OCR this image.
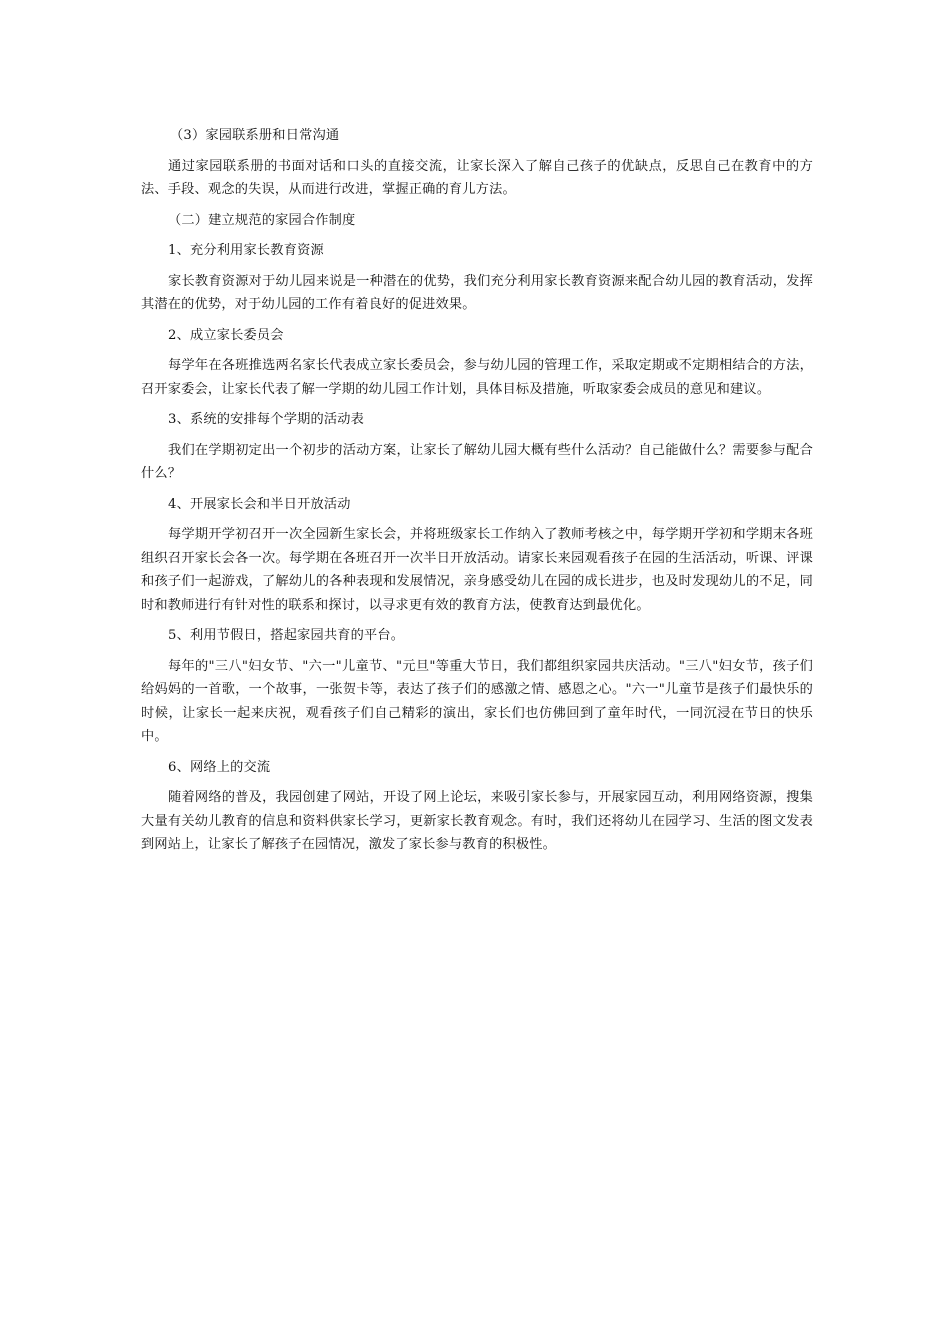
（3）家园联系册和日常沟通

通过家园联系册的书面对话和口头的直接交流，让家长深入了解自己孩子的优缺点，反思自己在教育中的方法、手段、观念的失误，从而进行改进，掌握正确的育儿方法。

（二）建立规范的家园合作制度

1、充分利用家长教育资源

家长教育资源对于幼儿园来说是一种潜在的优势，我们充分利用家长教育资源来配合幼儿园的教育活动，发挥其潜在的优势，对于幼儿园的工作有着良好的促进效果。

2、成立家长委员会

每学年在各班推选两名家长代表成立家长委员会，参与幼儿园的管理工作，采取定期或不定期相结合的方法，召开家委会，让家长代表了解一学期的幼儿园工作计划，具体目标及措施，听取家委会成员的意见和建议。

3、系统的安排每个学期的活动表

我们在学期初定出一个初步的活动方案，让家长了解幼儿园大概有些什么活动？自己能做什么？需要参与配合什么？

4、开展家长会和半日开放活动

每学期开学初召开一次全园新生家长会，并将班级家长工作纳入了教师考核之中，每学期开学初和学期末各班组织召开家长会各一次。每学期在各班召开一次半日开放活动。请家长来园观看孩子在园的生活活动，听课、评课和孩子们一起游戏，了解幼儿的各种表现和发展情况，亲身感受幼儿在园的成长进步，也及时发现幼儿的不足，同时和教师进行有针对性的联系和探讨，以寻求更有效的教育方法，使教育达到最优化。

5、利用节假日，搭起家园共育的平台。

每年的"三八"妇女节、"六一"儿童节、"元旦"等重大节日，我们都组织家园共庆活动。"三八"妇女节，孩子们给妈妈的一首歌，一个故事，一张贺卡等，表达了孩子们的感激之情、感恩之心。"六一"儿童节是孩子们最快乐的时候，让家长一起来庆祝，观看孩子们自己精彩的演出，家长们也仿佛回到了童年时代，一同沉浸在节日的快乐中。

6、网络上的交流

随着网络的普及，我园创建了网站，开设了网上论坛，来吸引家长参与，开展家园互动，利用网络资源，搜集大量有关幼儿教育的信息和资料供家长学习，更新家长教育观念。有时，我们还将幼儿在园学习、生活的图文发表到网站上，让家长了解孩子在园情况，激发了家长参与教育的积极性。
